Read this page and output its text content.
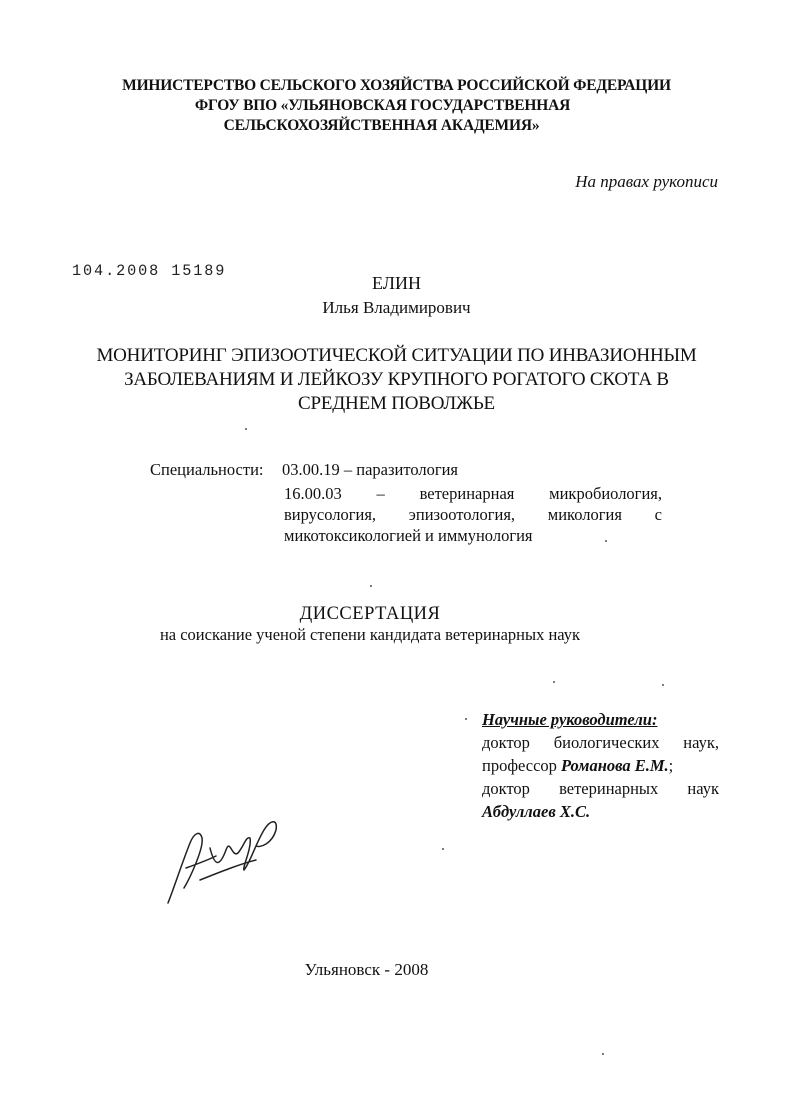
МИНИСТЕРСТВО СЕЛЬСКОГО ХОЗЯЙСТВА РОССИЙСКОЙ ФЕДЕРАЦИИ
ФГОУ ВПО «УЛЬЯНОВСКАЯ ГОСУДАРСТВЕННАЯ
СЕЛЬСКОХОЗЯЙСТВЕННАЯ АКАДЕМИЯ»
На правах рукописи
104.2008 15189
ЕЛИН
Илья Владимирович
МОНИТОРИНГ ЭПИЗООТИЧЕСКОЙ СИТУАЦИИ ПО ИНВАЗИОННЫМ
ЗАБОЛЕВАНИЯМ И ЛЕЙКОЗУ КРУПНОГО РОГАТОГО СКОТА В
СРЕДНЕМ ПОВОЛЖЬЕ
Специальности: 03.00.19 – паразитология
16.00.03 – ветеринарная микробиология,
вирусология, эпизоотология, микология с
микотоксикологией и иммунология
ДИССЕРТАЦИЯ
на соискание ученой степени кандидата ветеринарных наук
Научные руководители:
доктор биологических наук,
профессор Романова Е.М.;
доктор ветеринарных наук
Абдуллаев Х.С.
Ульяновск - 2008
